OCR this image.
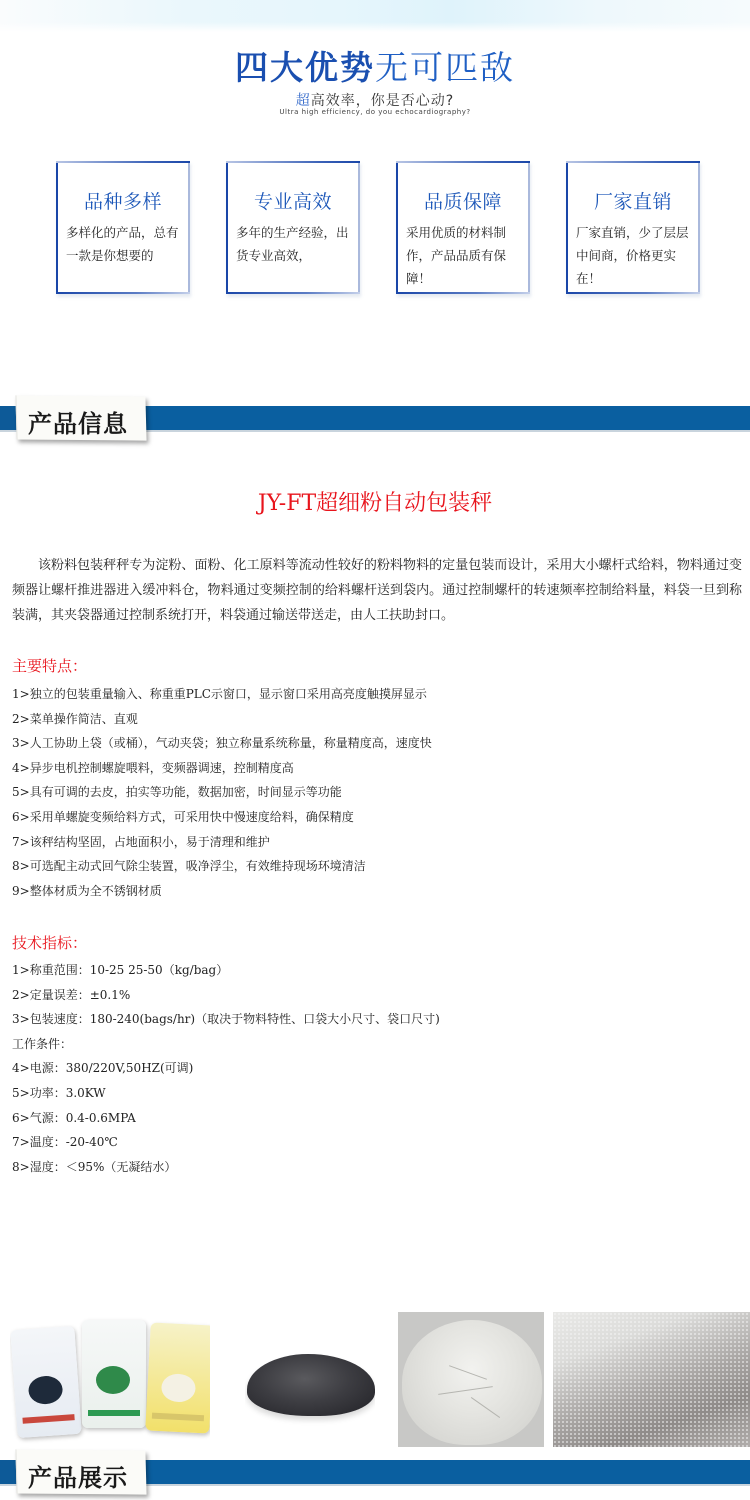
四大优势无可匹敌
超高效率，你是否心动?
Ultra high efficiency, do you echocardiography?
品种多样
多样化的产品，总有一款是你想要的
专业高效
多年的生产经验，出货专业高效，
品质保障
采用优质的材料制作，产品品质有保障！
厂家直销
厂家直销，少了层层中间商，价格更实在！
产品信息
JY-FT超细粉自动包装秤
该粉料包装秤秤专为淀粉、面粉、化工原料等流动性较好的粉料物料的定量包装而设计，采用大小螺杆式给料，物料通过变频器让螺杆推进器进入缓冲料仓，物料通过变频控制的给料螺杆送到袋内。通过控制螺杆的转速频率控制给料量，料袋一旦到称装满，其夹袋器通过控制系统打开，料袋通过输送带送走，由人工扶助封口。
主要特点：
1>独立的包装重量输入、称重重PLC示窗口，显示窗口采用高亮度触摸屏显示
2>菜单操作简洁、直观
3>人工协助上袋（或桶），气动夹袋；独立称量系统称量，称量精度高，速度快
4>异步电机控制螺旋喂料，变频器调速，控制精度高
5>具有可调的去皮，拍实等功能，数据加密，时间显示等功能
6>采用单螺旋变频给料方式，可采用快中慢速度给料，确保精度
7>该秤结构坚固，占地面积小，易于清理和维护
8>可选配主动式回气除尘装置，吸净浮尘，有效维持现场环境清洁
9>整体材质为全不锈钢材质
技术指标：
1>称重范围：10-25 25-50（kg/bag）
2>定量误差：±0.1%
3>包装速度：180-240(bags/hr)（取决于物料特性、口袋大小尺寸、袋口尺寸)
工作条件：
4>电源：380/220V,50HZ(可调)
5>功率：3.0KW
6>气源：0.4-0.6MPA
7>温度：-20-40℃
8>湿度：＜95%（无凝结水）
产品展示
